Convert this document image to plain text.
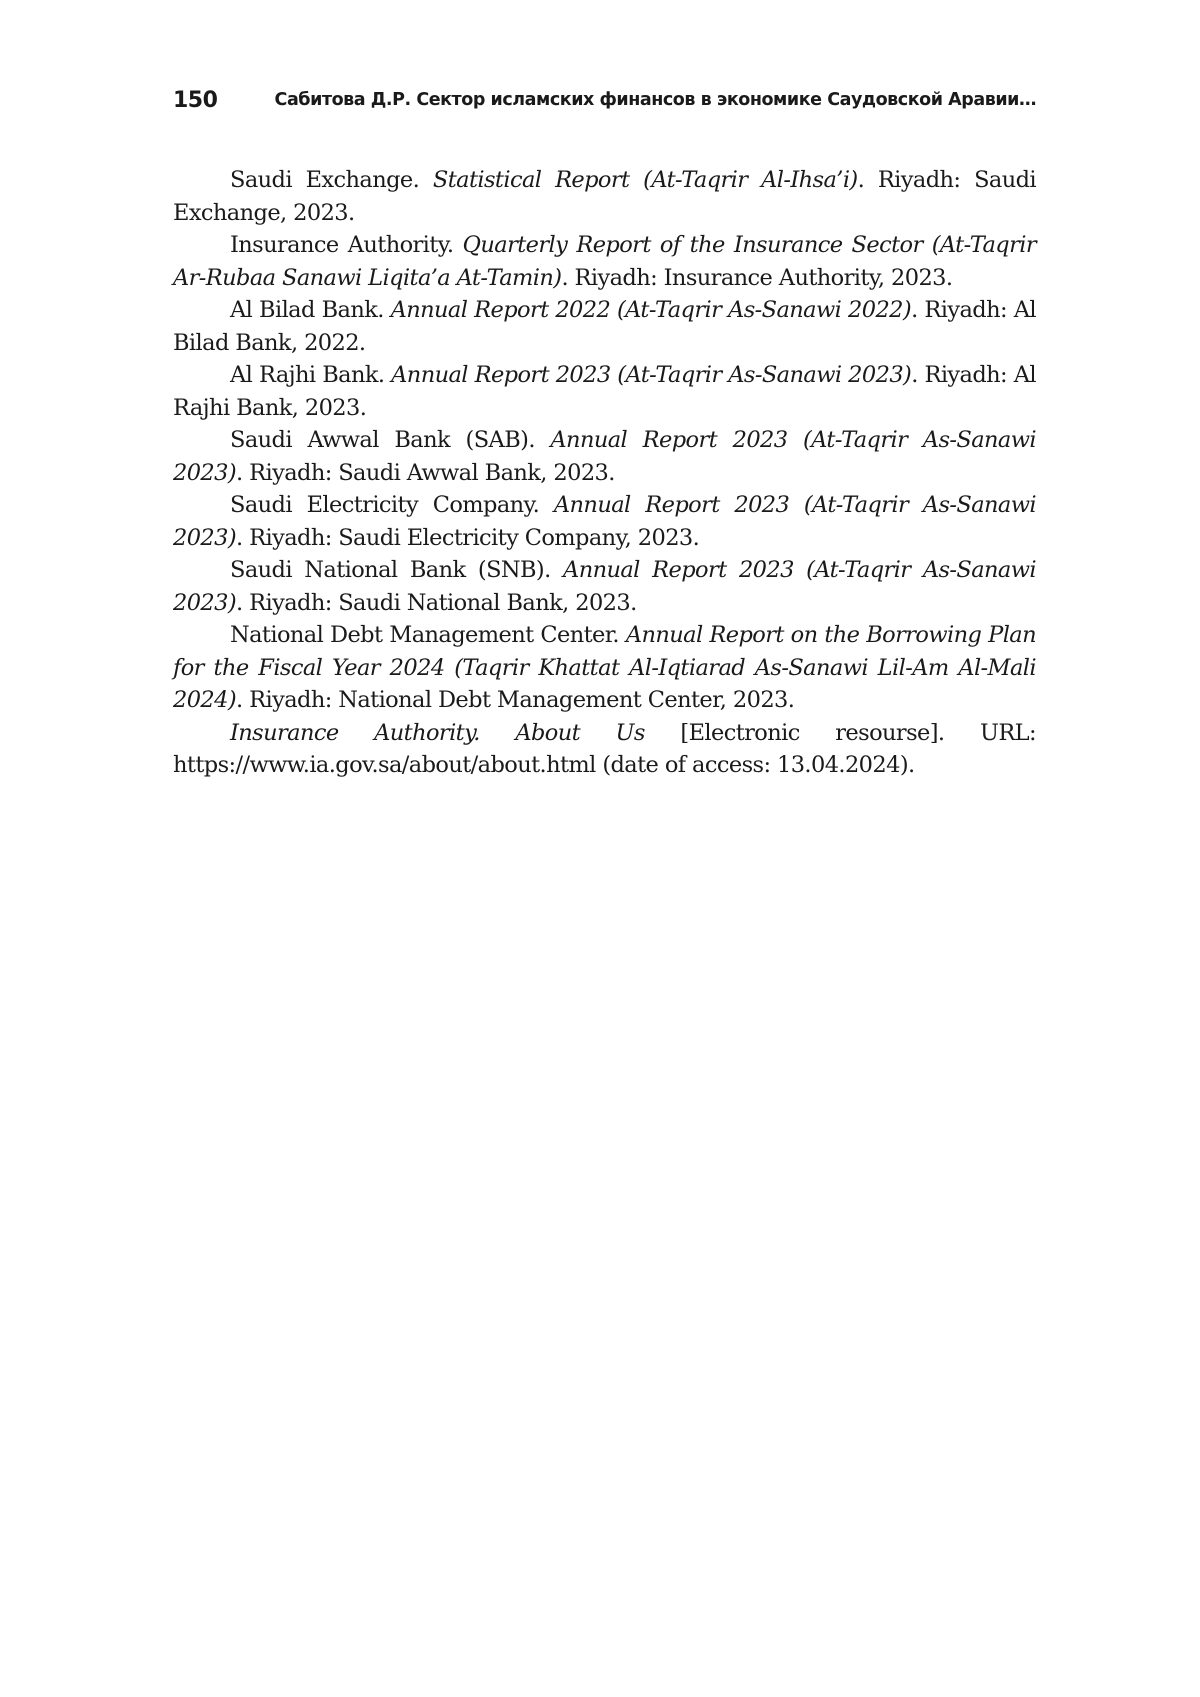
150	Сабитова Д.Р. Сектор исламских финансов в экономике Саудовской Аравии…

Saudi Exchange. Statistical Report (At-Taqrir Al-Ihsa’i). Riyadh: Saudi Exchange, 2023.

Insurance Authority. Quarterly Report of the Insurance Sector (At-Taqrir Ar-Rubaa Sanawi Liqita’a At-Tamin). Riyadh: Insurance Authority, 2023.

Al Bilad Bank. Annual Report 2022 (At-Taqrir As-Sanawi 2022). Riyadh: Al Bilad Bank, 2022.

Al Rajhi Bank. Annual Report 2023 (At-Taqrir As-Sanawi 2023). Riyadh: Al Rajhi Bank, 2023.

Saudi Awwal Bank (SAB). Annual Report 2023 (At-Taqrir As-Sanawi 2023). Riyadh: Saudi Awwal Bank, 2023.

Saudi Electricity Company. Annual Report 2023 (At-Taqrir As-Sanawi 2023). Riyadh: Saudi Electricity Company, 2023.

Saudi National Bank (SNB). Annual Report 2023 (At-Taqrir As-Sanawi 2023). Riyadh: Saudi National Bank, 2023.

National Debt Management Center. Annual Report on the Borrowing Plan for the Fiscal Year 2024 (Taqrir Khattat Al-Iqtiarad As-Sanawi Lil-Am Al-Mali 2024). Riyadh: National Debt Management Center, 2023.

Insurance Authority. About Us [Electronic resourse]. URL: https://www.ia.gov.sa/about/about.html (date of access: 13.04.2024).
